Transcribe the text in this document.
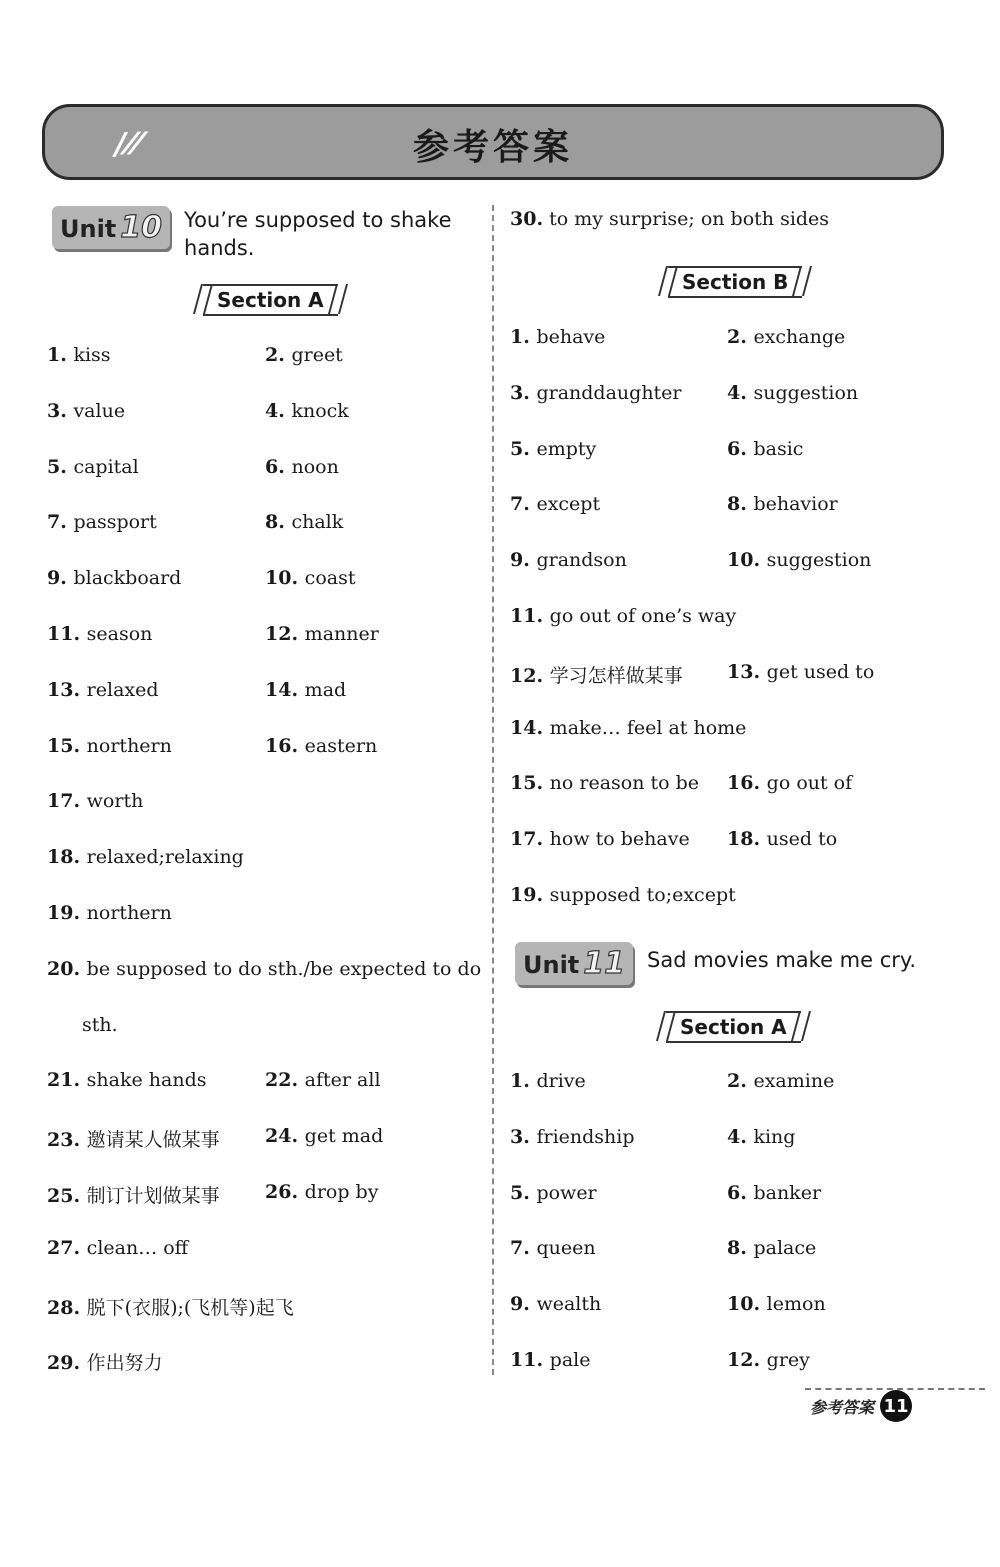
/⁄⁄	参考答案
Unit 10	You’re supposed to shake hands.
Section A
1. kiss	2. greet
3. value	4. knock
5. capital	6. noon
7. passport	8. chalk
9. blackboard	10. coast
11. season	12. manner
13. relaxed	14. mad
15. northern	16. eastern
17. worth
18. relaxed;relaxing
19. northern
20. be supposed to do sth./be expected to do
sth.
21. shake hands	22. after all
23. 邀请某人做某事 24. get mad
25. 制订计划做某事 26. drop by
27. clean… off
28. 脱下(衣服);(飞机等)起飞
29. 作出努力
30. to my surprise; on both sides
Section B
1. behave	2. exchange
3. granddaughter 4. suggestion
5. empty	6. basic
7. except	8. behavior
9. grandson	10. suggestion
11. go out of one’s way
12. 学习怎样做某事 13. get used to
14. make… feel at home
15. no reason to be 16. go out of
17. how to behave 18. used to
19. supposed to;except
Unit 11	Sad movies make me cry.
Section A
1. drive	2. examine
3. friendship	4. king
5. power	6. banker
7. queen	8. palace
9. wealth	10. lemon
11. pale	12. grey
参考答案 11
